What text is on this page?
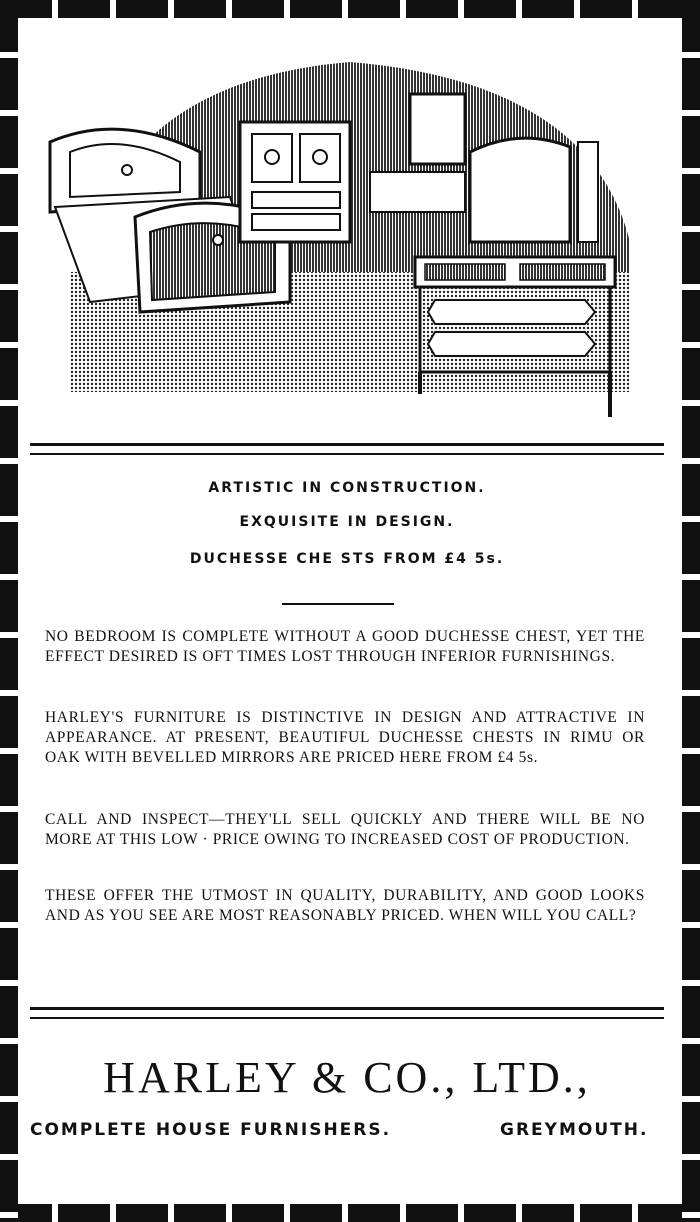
ARTISTIC IN CONSTRUCTION.
EXQUISITE IN DESIGN.
DUCHESSE CHE STS FROM £4 5s.
NO BEDROOM IS COMPLETE WITHOUT A GOOD DUCHESSE CHEST, YET THE EFFECT DESIRED IS OFT TIMES LOST THROUGH INFERIOR FURNISHINGS.
HARLEY'S FURNITURE IS DISTINCTIVE IN DESIGN AND ATTRACTIVE IN APPEARANCE. AT PRESENT, BEAUTIFUL DUCHESSE CHESTS IN RIMU OR OAK WITH BEVELLED MIRRORS ARE PRICED HERE FROM £4 5s.
CALL AND INSPECT—THEY'LL SELL QUICKLY AND THERE WILL BE NO MORE AT THIS LOW · PRICE OWING TO INCREASED COST OF PRODUCTION.
THESE OFFER THE UTMOST IN QUALITY, DURABILITY, AND GOOD LOOKS AND AS YOU SEE ARE MOST REASONABLY PRICED. WHEN WILL YOU CALL?
HARLEY & CO., LTD.,
COMPLETE HOUSE FURNISHERS.	GREYMOUTH.
